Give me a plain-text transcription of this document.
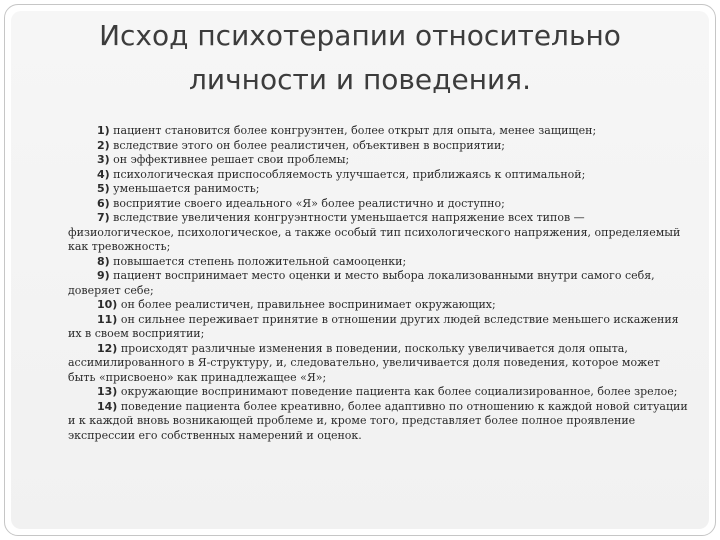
Исход психотерапии относительно
личности и поведения.
1) пациент становится более конгруэнтен, более открыт для опыта, менее защищен;
2) вследствие этого он более реалистичен, объективен в восприятии;
3) он эффективнее решает свои проблемы;
4) психологическая приспособляемость улучшается, приближаясь к оптимальной;
5) уменьшается ранимость;
6) восприятие своего идеального «Я» более реалистично и доступно;
7) вследствие увеличения конгруэнтности уменьшается напряжение всех типов — физиологическое, психологическое, а также особый тип психологического напряжения, определяемый как тревожность;
8) повышается степень положительной самооценки;
9) пациент воспринимает место оценки и место выбора локализованными внутри самого себя, доверяет себе;
10) он более реалистичен, правильнее воспринимает окружающих;
11) он сильнее переживает принятие в отношении других людей вследствие меньшего искажения их в своем восприятии;
12) происходят различные изменения в поведении, поскольку увеличивается доля опыта, ассимилированного в Я-структуру, и, следовательно, увеличивается доля поведения, которое может быть «присвоено» как принадлежащее «Я»;
13) окружающие воспринимают поведение пациента как более социализированное, более зрелое;
14) поведение пациента более креативно, более адаптивно по отношению к каждой новой ситуации и к каждой вновь возникающей проблеме и, кроме того, представляет более полное проявление экспрессии его собственных намерений и оценок.
